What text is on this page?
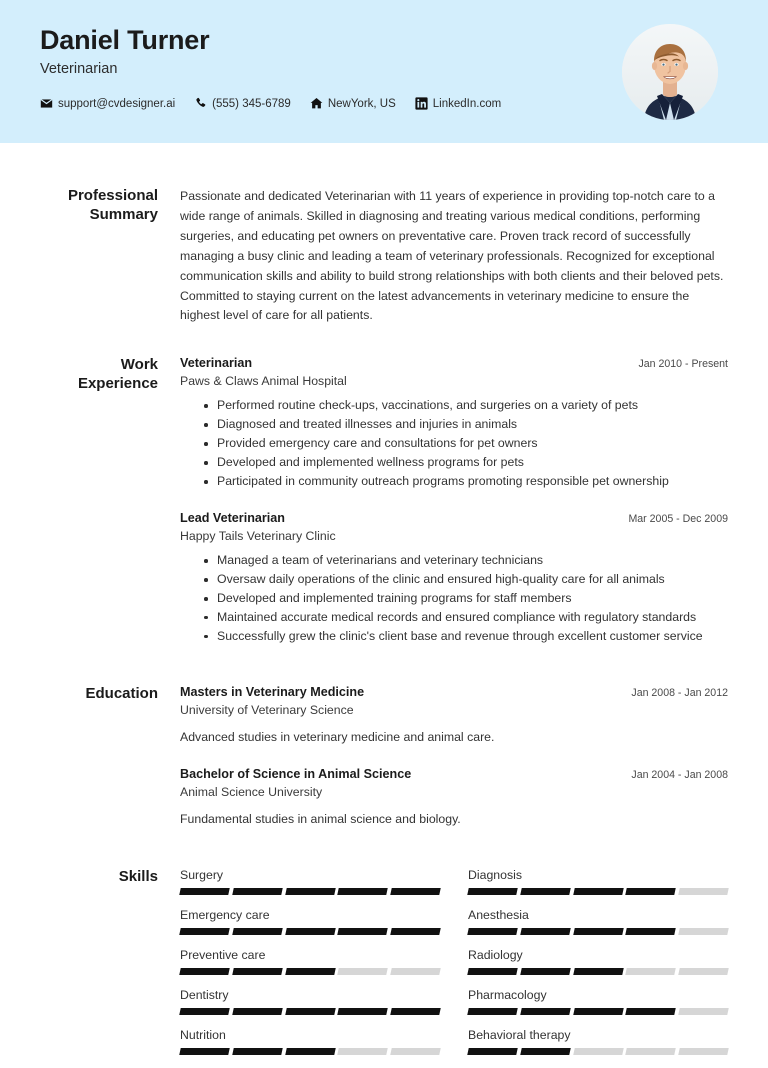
Daniel Turner
Veterinarian
support@cvdesigner.ai	(555) 345-6789	NewYork, US	LinkedIn.com
Professional Summary
Passionate and dedicated Veterinarian with 11 years of experience in providing top-notch care to a wide range of animals. Skilled in diagnosing and treating various medical conditions, performing surgeries, and educating pet owners on preventative care. Proven track record of successfully managing a busy clinic and leading a team of veterinary professionals. Recognized for exceptional communication skills and ability to build strong relationships with both clients and their beloved pets. Committed to staying current on the latest advancements in veterinary medicine to ensure the highest level of care for all patients.
Work Experience
Veterinarian	Jan 2010 - Present
Paws & Claws Animal Hospital
Performed routine check-ups, vaccinations, and surgeries on a variety of pets
Diagnosed and treated illnesses and injuries in animals
Provided emergency care and consultations for pet owners
Developed and implemented wellness programs for pets
Participated in community outreach programs promoting responsible pet ownership
Lead Veterinarian	Mar 2005 - Dec 2009
Happy Tails Veterinary Clinic
Managed a team of veterinarians and veterinary technicians
Oversaw daily operations of the clinic and ensured high-quality care for all animals
Developed and implemented training programs for staff members
Maintained accurate medical records and ensured compliance with regulatory standards
Successfully grew the clinic's client base and revenue through excellent customer service
Education	Masters in Veterinary Medicine	Jan 2008 - Jan 2012
University of Veterinary Science
Advanced studies in veterinary medicine and animal care.
Bachelor of Science in Animal Science	Jan 2004 - Jan 2008
Animal Science University
Fundamental studies in animal science and biology.
Skills	Surgery	Diagnosis
Emergency care	Anesthesia
Preventive care	Radiology
Dentistry	Pharmacology
Nutrition	Behavioral therapy
